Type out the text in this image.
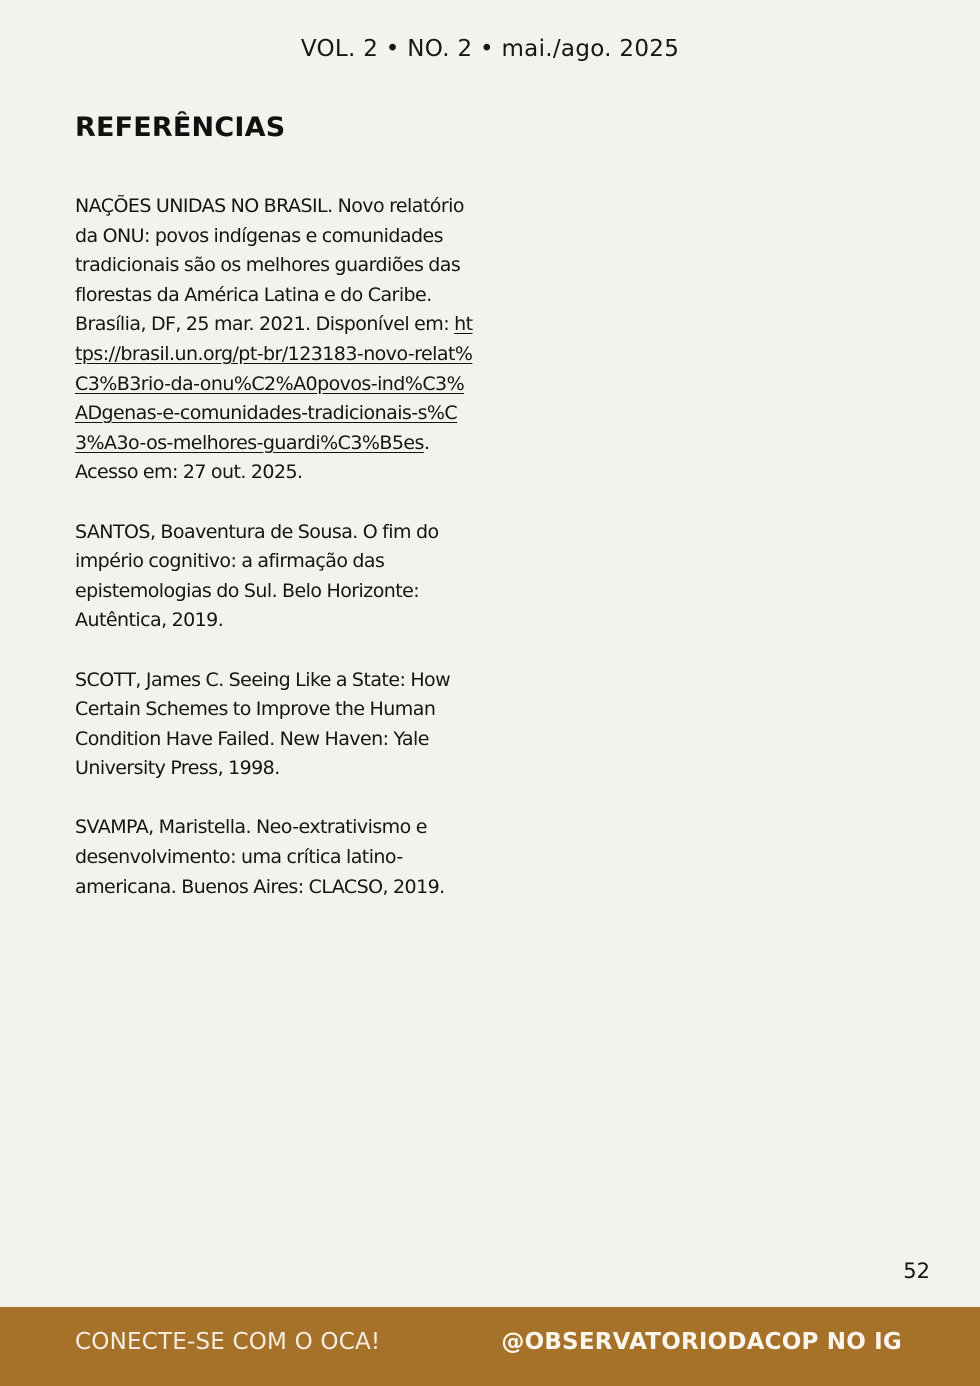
VOL. 2 • NO. 2 • mai./ago. 2025
REFERÊNCIAS
NAÇÕES UNIDAS NO BRASIL. Novo relatório da ONU: povos indígenas e comunidades tradicionais são os melhores guardiões das florestas da América Latina e do Caribe. Brasília, DF, 25 mar. 2021. Disponível em: https://brasil.un.org/pt-br/123183-novo-relat%C3%B3rio-da-onu%C2%A0povos-ind%C3%ADgenas-e-comunidades-tradicionais-s%C3%A3o-os-melhores-guardi%C3%B5es. Acesso em: 27 out. 2025.
SANTOS, Boaventura de Sousa. O fim do império cognitivo: a afirmação das epistemologias do Sul. Belo Horizonte: Autêntica, 2019.
SCOTT, James C. Seeing Like a State: How Certain Schemes to Improve the Human Condition Have Failed. New Haven: Yale University Press, 1998.
SVAMPA, Maristella. Neo-extrativismo e desenvolvimento: uma crítica latino-americana. Buenos Aires: CLACSO, 2019.
52
CONECTE-SE COM O OCA!	@OBSERVATORIODACOP NO IG
